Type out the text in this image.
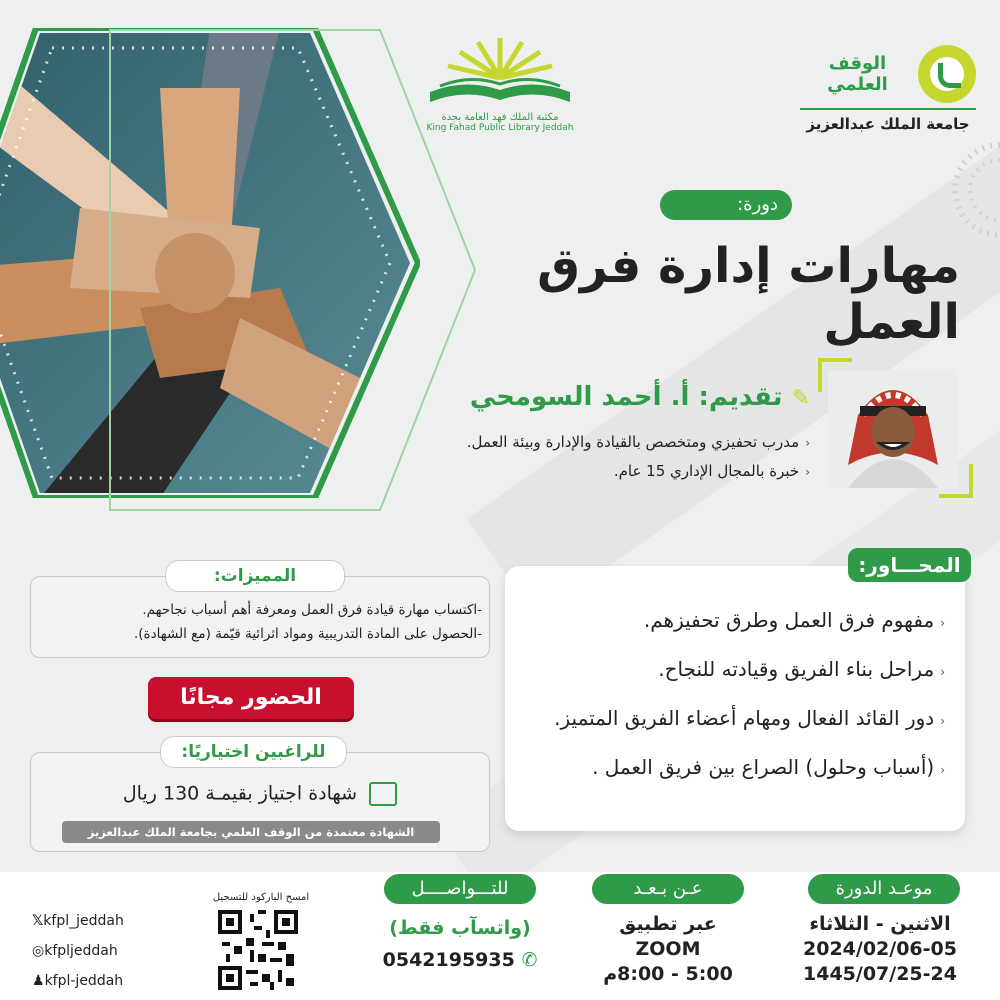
مكتبة الملك فهد العامة بجدة
King Fahad Public Library Jeddah
الوقف العلمي
جامعة الملك عبدالعزيز
دورة:
مهارات إدارة فرق العمل
✎ تقديم: أ. أحمد السومحي
‹مدرب تحفيزي ومتخصص بالقيادة والإدارة وبيئة العمل.
‹خبرة بالمجال الإداري 15 عام.
المحـــاور:
‹مفهوم فرق العمل وطرق تحفيزهم.
‹مراحل بناء الفريق وقيادته للنجاح.
‹دور القائد الفعال ومهام أعضاء الفريق المتميز.
‹(أسباب وحلول) الصراع بين فريق العمل .
المميزات:
-اكتساب مهارة قيادة فرق العمل ومعرفة أهم أسباب نجاحهم.
-الحصول على المادة التدريبية ومواد اثرائية قيّمة (مع الشهادة).
الحضور مجانًا
للراغبين اختياريًا:
شهادة اجتياز بقيمـة 130 ريال
الشهادة معتمدة من الوقف العلمي بجامعة الملك عبدالعزيز
موعـد الدورة
الاثنين - الثلاثاء
2024/02/06-05
1445/07/25-24
عـن بـعـد
عبر تطبيق
ZOOM
5:00 - 8:00م
للتـــواصــــل
(واتسآب فقط)
✆ 0542195935
امسح الباركود للتسجيل
𝕏kfpl_jeddah
◎kfpljeddah
♟kfpl-jeddah
